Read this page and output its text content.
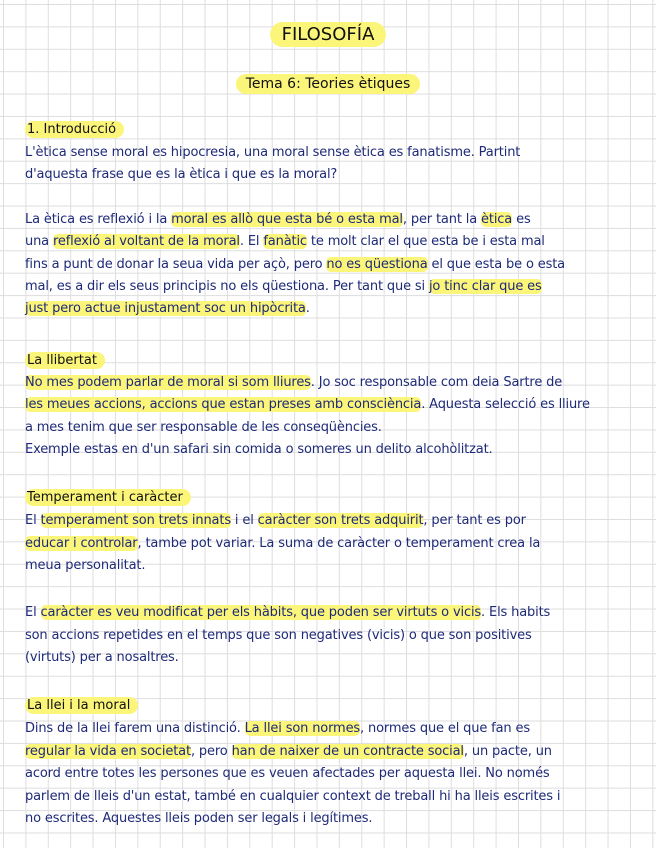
FILOSOFÍA
Tema 6: Teories ètiques
1. Introducció
L'ètica sense moral es hipocresia, una moral sense ètica es fanatisme. Partint
d'aquesta frase que es la ètica i que es la moral?
La ètica es reflexió i la moral es allò que esta bé o esta mal, per tant la ètica es
una reflexió al voltant de la moral. El fanàtic te molt clar el que esta be i esta mal
fins a punt de donar la seua vida per açò, pero no es qüestiona el que esta be o esta
mal, es a dir els seus principis no els qüestiona. Per tant que si jo tinc clar que es
just pero actue injustament soc un hipòcrita.
La llibertat
No mes podem parlar de moral si som lliures. Jo soc responsable com deia Sartre de
les meues accions, accions que estan preses amb consciència. Aquesta selecció es lliure
a mes tenim que ser responsable de les conseqüències.
Exemple estas en d'un safari sin comida o someres un delito alcohòlitzat.
Temperament i caràcter
El temperament son trets innats i el caràcter son trets adquirit, per tant es por
educar i controlar, tambe pot variar. La suma de caràcter o temperament crea la
meua personalitat.
El caràcter es veu modificat per els hàbits, que poden ser virtuts o vicis. Els habits
son accions repetides en el temps que son negatives (vicis) o que son positives
(virtuts) per a nosaltres.
La llei i la moral
Dins de la llei farem una distinció. La llei son normes, normes que el que fan es
regular la vida en societat, pero han de naixer de un contracte social, un pacte, un
acord entre totes les persones que es veuen afectades per aquesta llei. No només
parlem de lleis d'un estat, també en cualquier context de treball hi ha lleis escrites i
no escrites. Aquestes lleis poden ser legals i legítimes.
